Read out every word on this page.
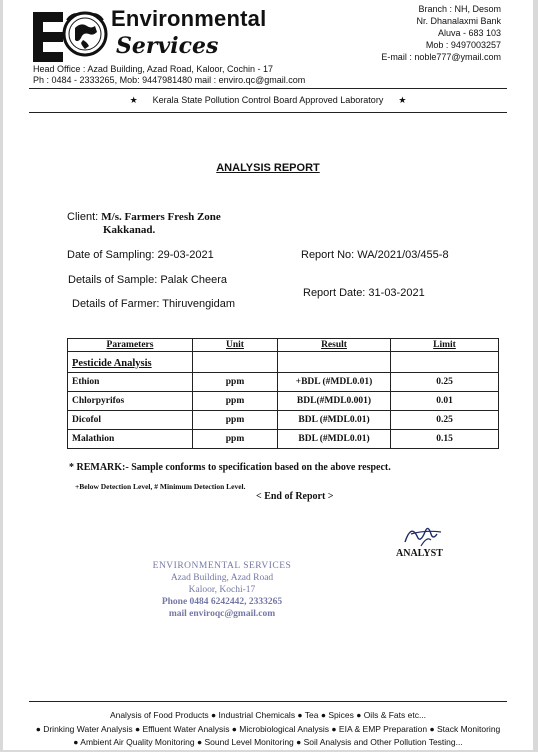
Environmental
Services
Branch : NH, Desom
Nr. Dhanalaxmi Bank
Aluva - 683 103
Mob : 9497003257
E-mail : noble777@ymail.com
Head Office : Azad Building, Azad Road, Kaloor, Cochin - 17
Ph : 0484 - 2333265, Mob: 9447981480 mail : enviro.qc@gmail.com
★ Kerala State Pollution Control Board Approved Laboratory ★
ANALYSIS REPORT
Client: M/s. Farmers Fresh Zone
Kakkanad.
Date of Sampling: 29-03-2021	Report No: WA/2021/03/455-8
Details of Sample: Palak Cheera
Report Date: 31-03-2021
Details of Farmer: Thiruvengidam
Parameters	Unit	Result	Limit
Pesticide Analysis			
Ethion	ppm	+BDL (#MDL0.01)	0.25
Chlorpyrifos	ppm	BDL(#MDL0.001)	0.01
Dicofol	ppm	BDL (#MDL0.01)	0.25
Malathion	ppm	BDL (#MDL0.01)	0.15
* REMARK:- Sample conforms to specification based on the above respect.
+Below Detection Level, # Minimum Detection Level.
< End of Report >
ANALYST
ENVIRONMENTAL SERVICES
Azad Building, Azad Road
Kaloor, Kochi-17
Phone 0484 6242442, 2333265
mail enviroqc@gmail.com
Analysis of Food Products ● Industrial Chemicals ● Tea ● Spices ● Oils & Fats etc...
● Drinking Water Analysis ● Effluent Water Analysis ● Microbiological Analysis ● EIA & EMP Preparation ● Stack Monitoring
● Ambient Air Quality Monitoring ● Sound Level Monitoring ● Soil Analysis and Other Pollution Testing...
